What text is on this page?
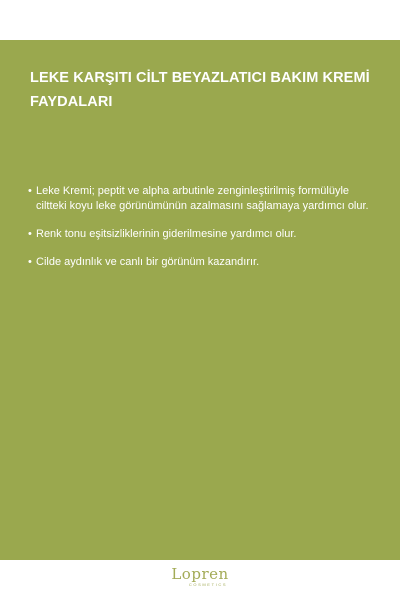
LEKE KARŞITI CİLT BEYAZLATICI BAKIM KREMİ FAYDALARI
• Leke Kremi; peptit ve alpha arbutinle zenginleştirilmiş formülüyle ciltteki koyu leke görünümünün azalmasını sağlamaya yardımcı olur.
• Renk tonu eşitsizliklerinin giderilmesine yardımcı olur.
• Cilde aydınlık ve canlı bir görünüm kazandırır.
Lopren
COSMETICS
